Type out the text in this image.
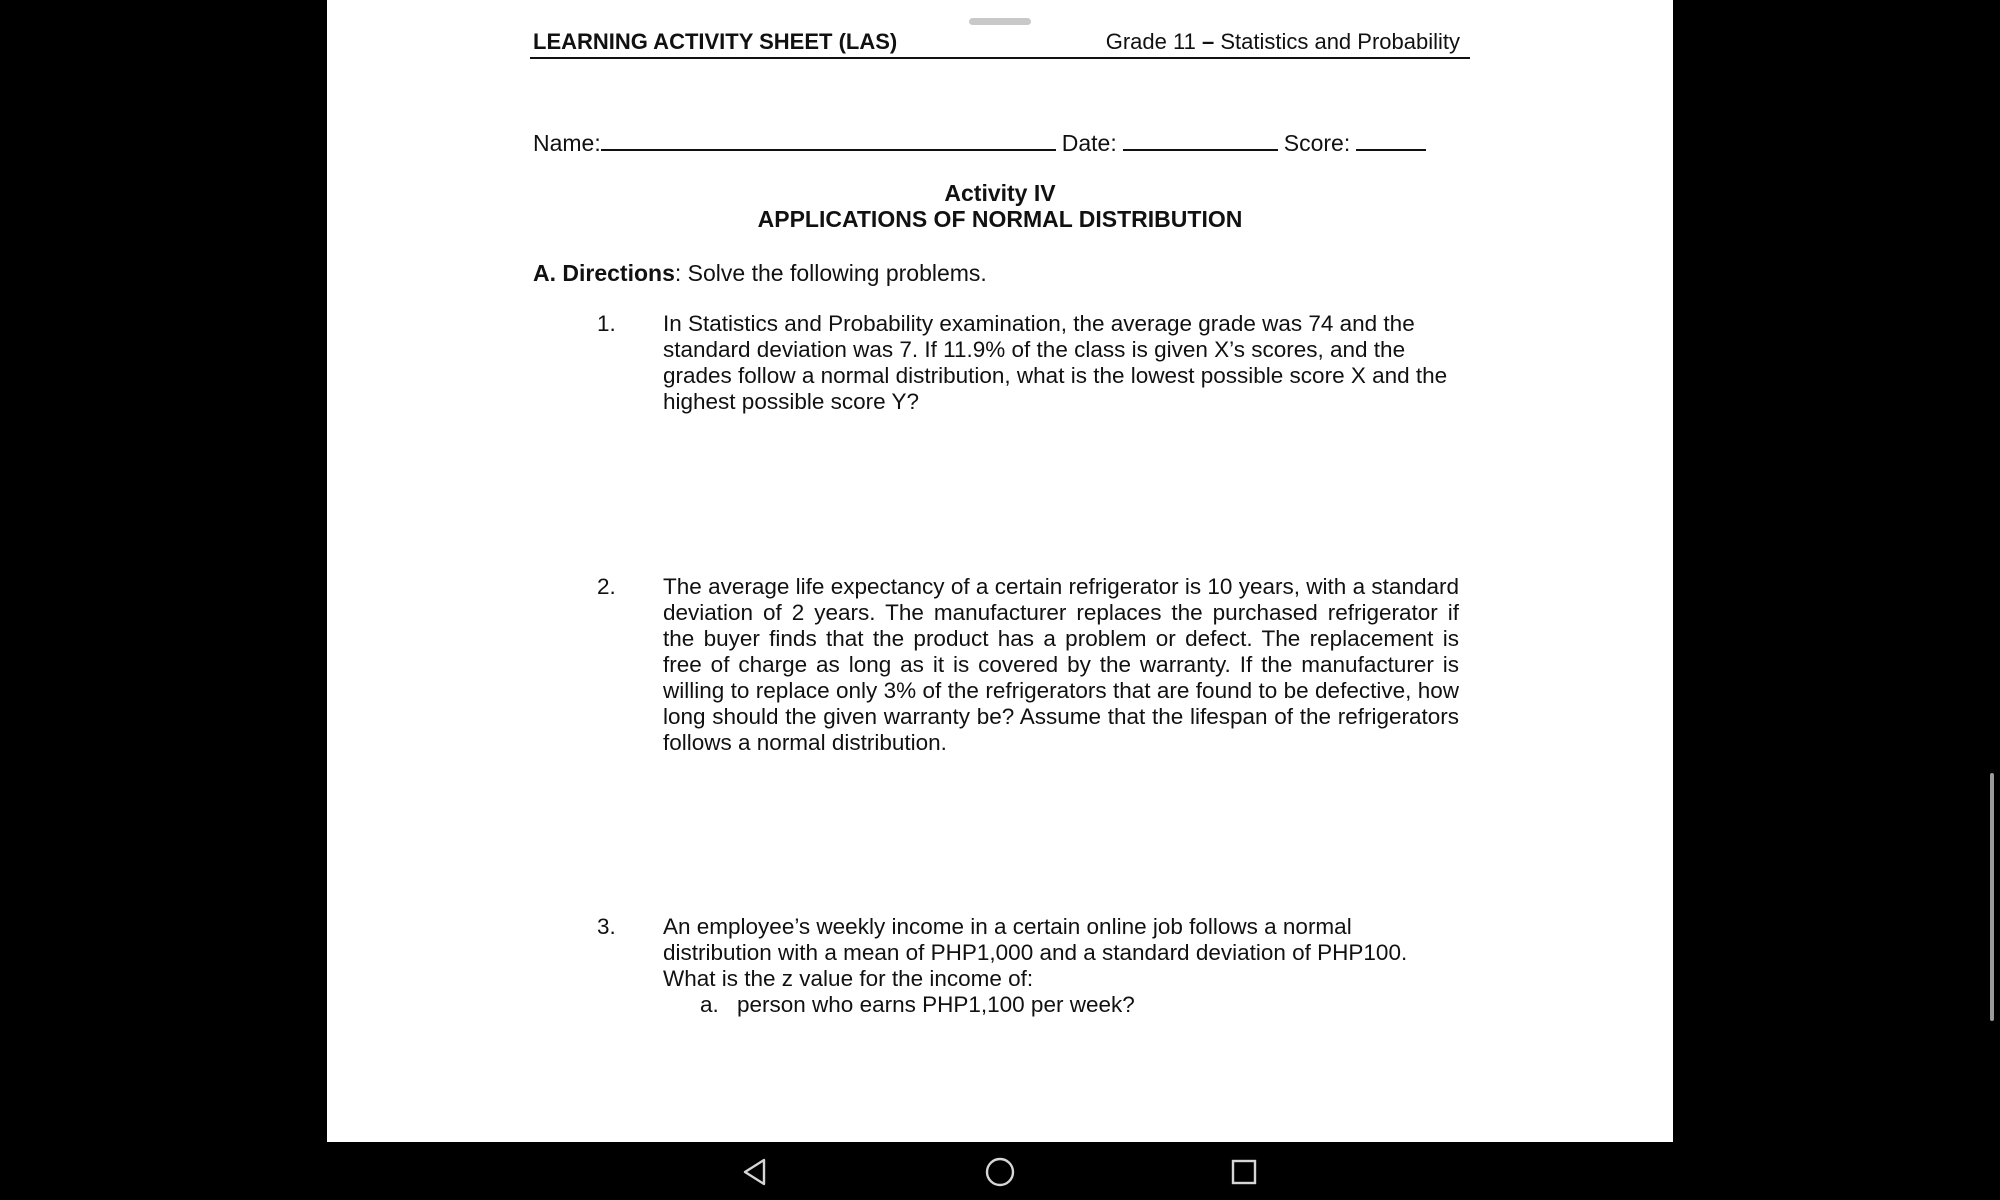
LEARNING ACTIVITY SHEET (LAS)	Grade 11 – Statistics and Probability
Name:	Date:	Score:
Activity IV
APPLICATIONS OF NORMAL DISTRIBUTION
A. Directions: Solve the following problems.
1.	In Statistics and Probability examination, the average grade was 74 and the standard deviation was 7. If 11.9% of the class is given X’s scores, and the grades follow a normal distribution, what is the lowest possible score X and the highest possible score Y?
2.	The average life expectancy of a certain refrigerator is 10 years, with a standard deviation of 2 years. The manufacturer replaces the purchased refrigerator if the buyer finds that the product has a problem or defect. The replacement is free of charge as long as it is covered by the warranty. If the manufacturer is willing to replace only 3% of the refrigerators that are found to be defective, how long should the given warranty be? Assume that the lifespan of the refrigerators follows a normal distribution.
3.	An employee’s weekly income in a certain online job follows a normal distribution with a mean of PHP1,000 and a standard deviation of PHP100. What is the z value for the income of:
a. person who earns PHP1,100 per week?
